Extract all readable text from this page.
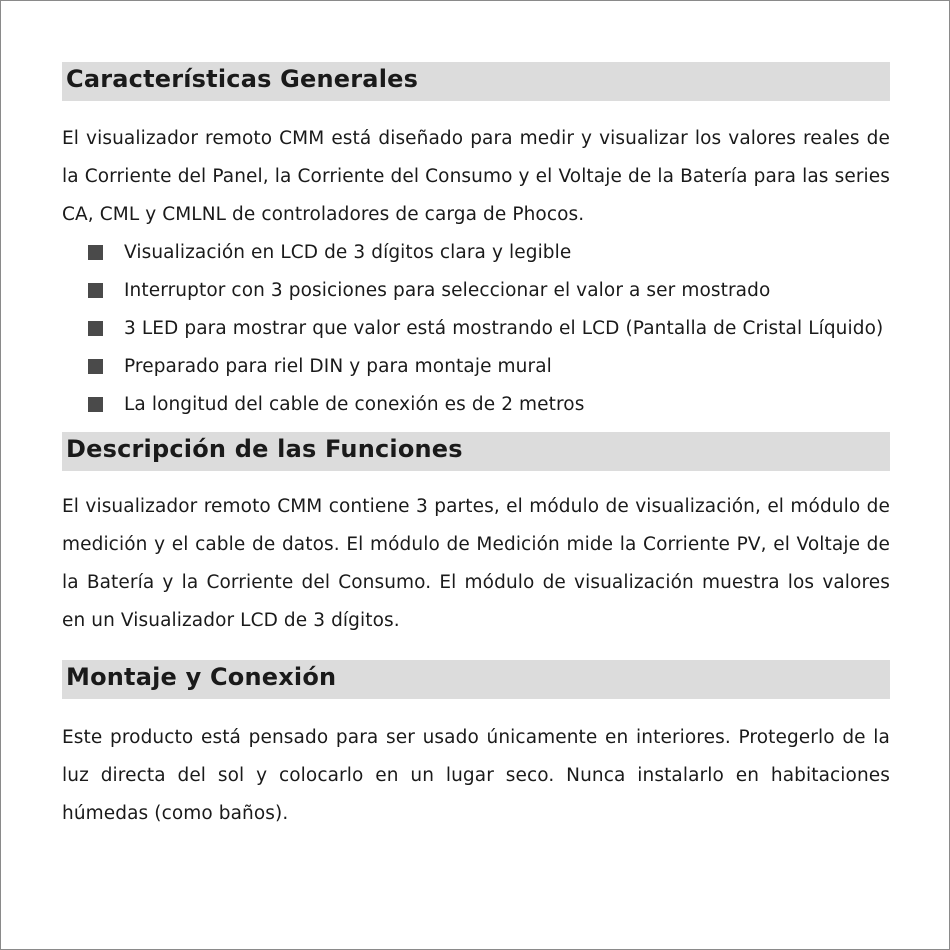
Características Generales

El visualizador remoto CMM está diseñado para medir y visualizar los valores reales de la Corriente del Panel, la Corriente del Consumo y el Voltaje de la Batería para las series CA, CML y CMLNL de controladores de carga de Phocos.

Visualización en LCD de 3 dígitos clara y legible
Interruptor con 3 posiciones para seleccionar el valor a ser mostrado
3 LED para mostrar que valor está mostrando el LCD (Pantalla de Cristal Líquido)
Preparado para riel DIN y para montaje mural
La longitud del cable de conexión es de 2 metros
Descripción de las Funciones

El visualizador remoto CMM contiene 3 partes, el módulo de visualización, el módulo de medición y el cable de datos. El módulo de Medición mide la Corriente PV, el Voltaje de la Batería y la Corriente del Consumo. El módulo de visualización muestra los valores en un Visualizador LCD de 3 dígitos.

Montaje y Conexión

Este producto está pensado para ser usado únicamente en interiores. Protegerlo de la luz directa del sol y colocarlo en un lugar seco. Nunca instalarlo en habitaciones húmedas (como baños).
